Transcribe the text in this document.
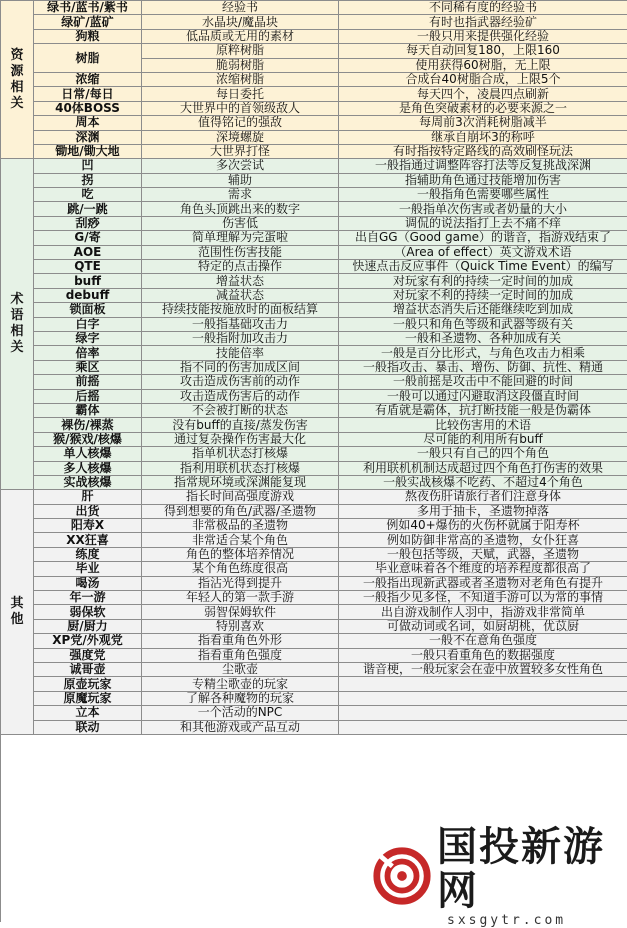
资源相关
绿书/蓝书/紫书	经验书	不同稀有度的经验书
绿矿/蓝矿	水晶块/魔晶块	有时也指武器经验矿
狗粮	低品质或无用的素材	一般只用来提供强化经验
树脂
原粹树脂	每天自动回复180，上限160
脆弱树脂	使用获得60树脂，无上限
浓缩	浓缩树脂	合成台40树脂合成，上限5个
日常/每日	每日委托	每天四个，凌晨四点刷新
40体BOSS	大世界中的首领级敌人	是角色突破素材的必要来源之一
周本	值得铭记的强敌	每周前3次消耗树脂减半
深渊	深境螺旋	继承自崩坏3的称呼
锄地/锄大地	大世界打怪	有时指按特定路线的高效刷怪玩法
术语相关
凹	多次尝试	一般指通过调整阵容打法等反复挑战深渊
拐	辅助	指辅助角色通过技能增加伤害
吃	需求	一般指角色需要哪些属性
跳/一跳	角色头顶跳出来的数字	一般指单次伤害或者奶量的大小
刮痧	伤害低	调侃的说法指打上去不痛不痒
G/寄	简单理解为完蛋啦	出自GG（Good game）的谐音，指游戏结束了
AOE	范围性伤害技能	（Area of effect）英文游戏术语
QTE	特定的点击操作	快速点击反应事件（Quick Time Event）的编写
buff	增益状态	对玩家有利的持续一定时间的加成
debuff	减益状态	对玩家不利的持续一定时间的加成
锁面板	持续技能按施放时的面板结算	增益状态消失后还能继续吃到加成
白字	一般指基础攻击力	一般只和角色等级和武器等级有关
绿字	一般指附加攻击力	一般和圣遗物、各种加成有关
倍率	技能倍率	一般是百分比形式，与角色攻击力相乘
乘区	指不同的伤害加成区间	一般指攻击、暴击、增伤、防御、抗性、精通
前摇	攻击造成伤害前的动作	一般前摇是攻击中不能回避的时间
后摇	攻击造成伤害后的动作	一般可以通过闪避取消这段僵直时间
霸体	不会被打断的状态	有盾就是霸体，抗打断技能一般是伪霸体
裸伤/裸蒸	没有buff的直接/蒸发伤害	比较伤害用的术语
猴/猴戏/核爆	通过复杂操作伤害最大化	尽可能的利用所有buff
单人核爆	指单机状态打核爆	一般只有自己的四个角色
多人核爆	指利用联机状态打核爆	利用联机机制达成超过四个角色打伤害的效果
实战核爆	指常规环境或深渊能复现	一般实战核爆不吃药、不超过4个角色
其他
肝	指长时间高强度游戏	熬夜伤肝请旅行者们注意身体
出货	得到想要的角色/武器/圣遗物	多用于抽卡，圣遗物掉落
阳寿X	非常极品的圣遗物	例如40+爆伤的火伤杯就属于阳寿杯
XX狂喜	非常适合某个角色	例如防御非常高的圣遗物，女仆狂喜
练度	角色的整体培养情况	一般包括等级，天赋，武器，圣遗物
毕业	某个角色练度很高	毕业意味着各个维度的培养程度都很高了
喝汤	指沾光得到提升	一般指出现新武器或者圣遗物对老角色有提升
年一游	年轻人的第一款手游	一般指少见多怪，不知道手游可以为常的事情
弱保软	弱智保姆软件	出自游戏制作人羽中，指游戏非常简单
厨/厨力	特别喜欢	可做动词或名词，如厨胡桃，优苡厨
XP党/外观党	指看重角色外形	一般不在意角色强度
强度党	指看重角色强度	一般只看重角色的数据强度
诚哥壶	尘歌壶	谐音梗，一般玩家会在壶中放置较多女性角色
原壶玩家	专精尘歌壶的玩家
原魔玩家	了解各种魔物的玩家
立本	一个活动的NPC
联动	和其他游戏或产品互动
国投新游网
sxsgytr.com
